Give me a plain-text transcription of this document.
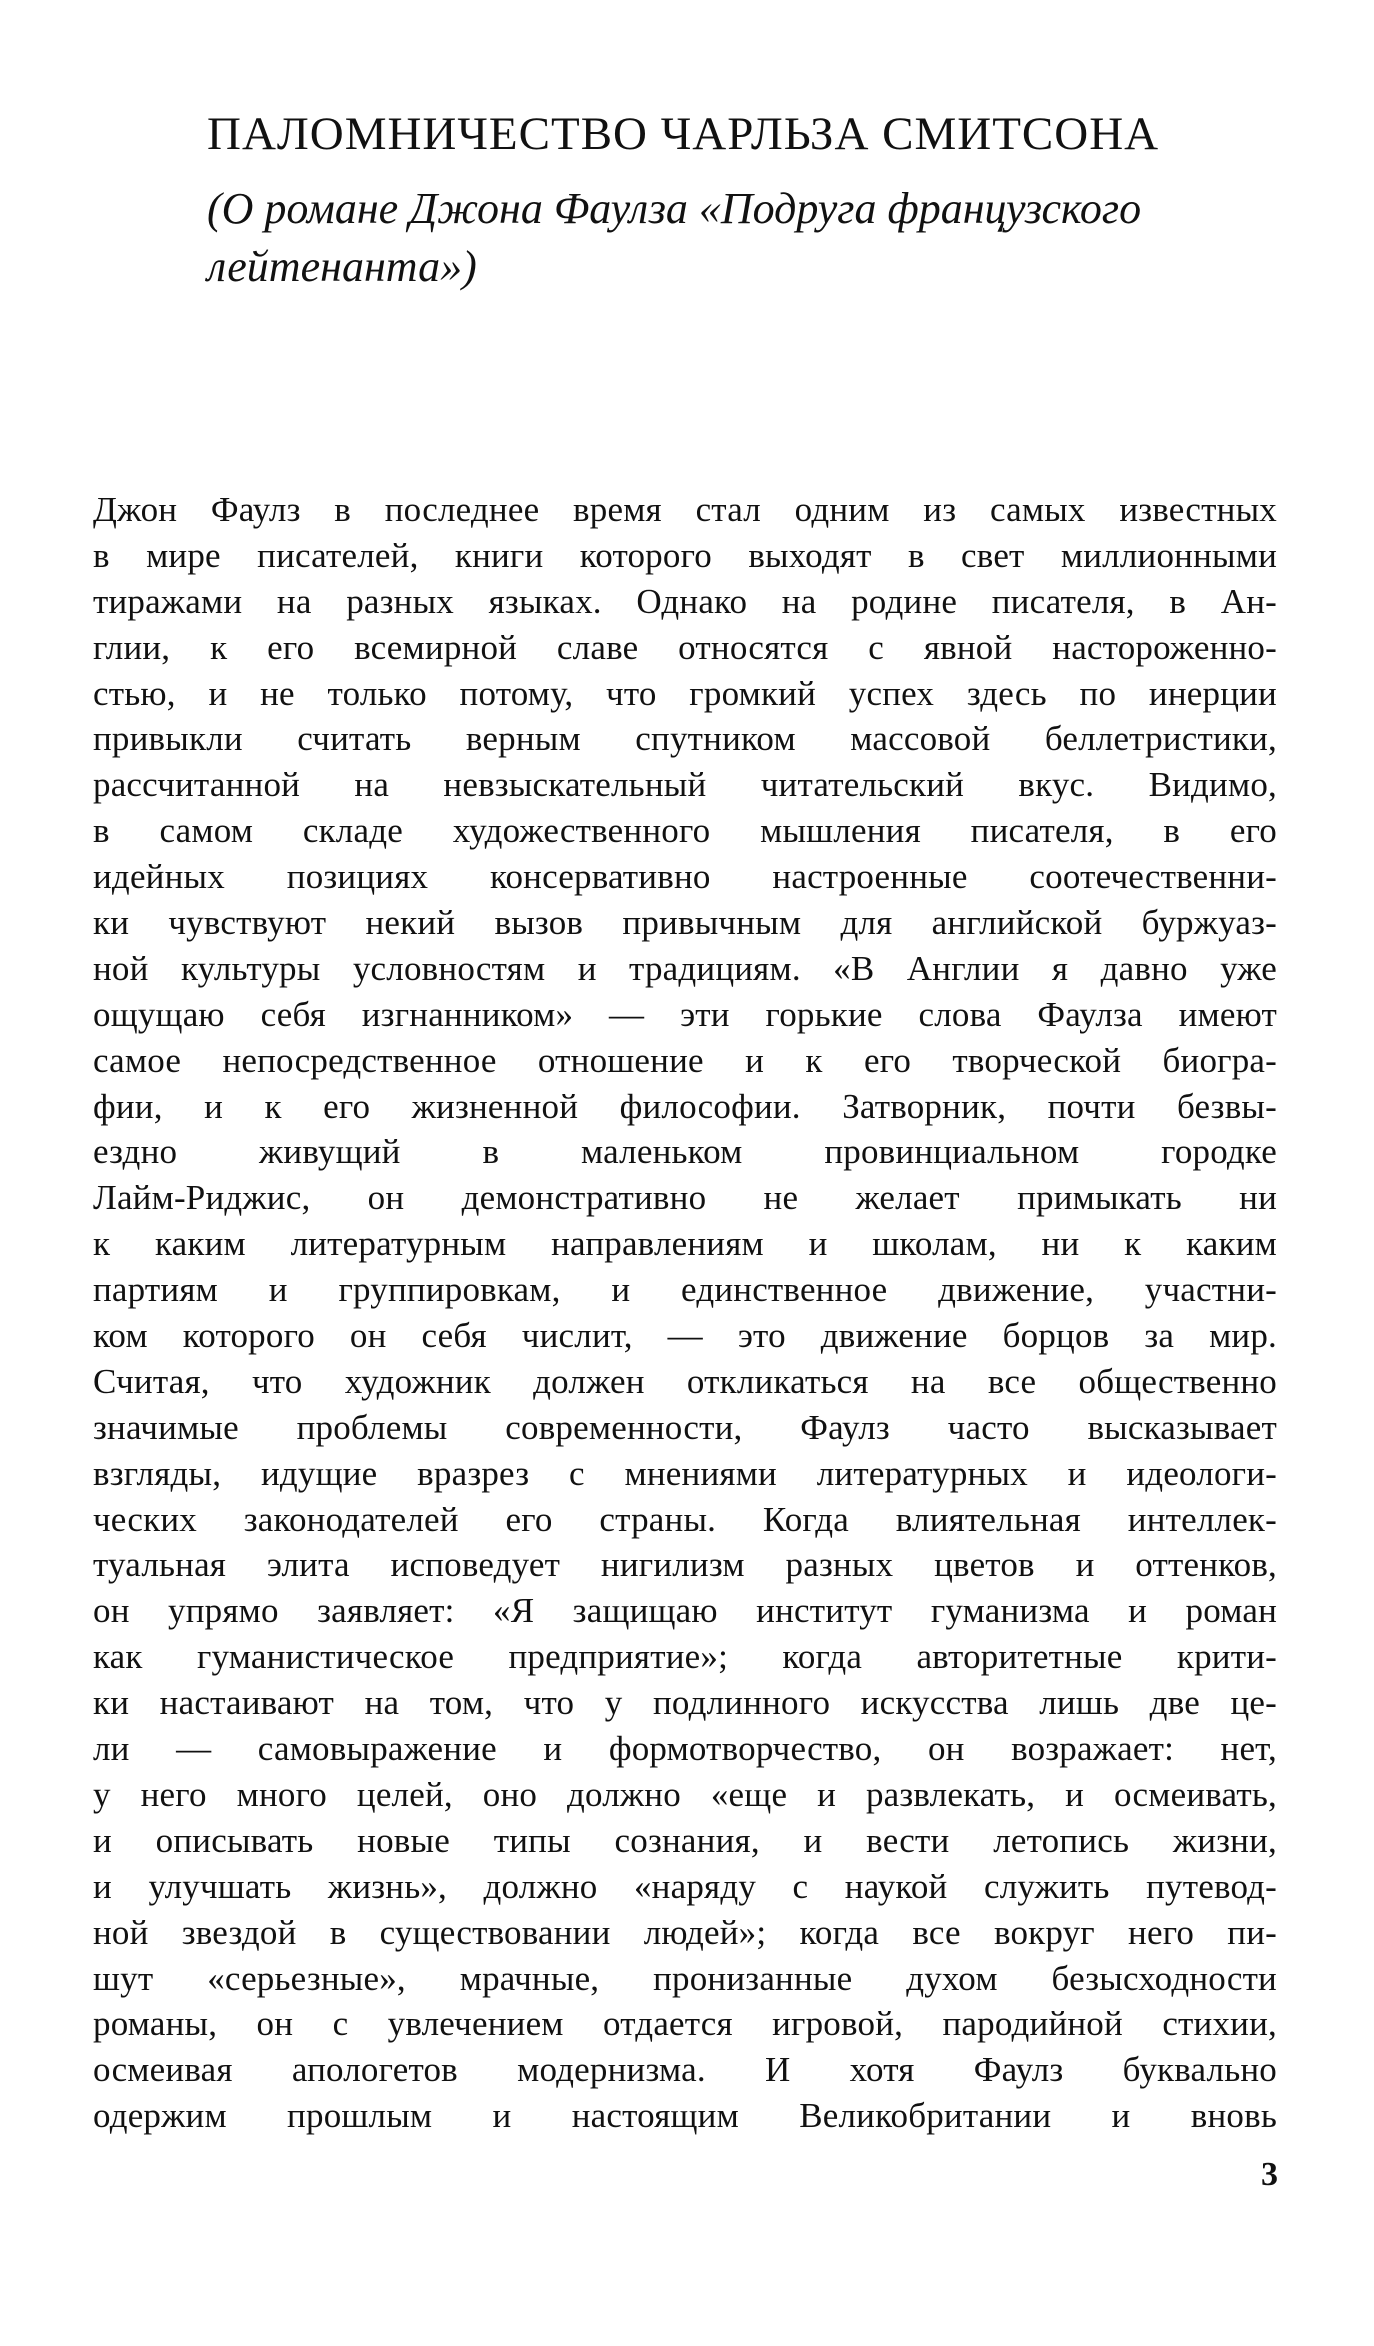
ПАЛОМНИЧЕСТВО ЧАРЛЬЗА СМИТСОНА
(О романе Джона Фаулза «Подруга французского
лейтенанта»)
Джон Фаулз в последнее время стал одним из самых известных
в мире писателей, книги которого выходят в свет миллионными
тиражами на разных языках. Однако на родине писателя, в Ан-
глии, к его всемирной славе относятся с явной настороженно-
стью, и не только потому, что громкий успех здесь по инерции
привыкли считать верным спутником массовой беллетристики,
рассчитанной на невзыскательный читательский вкус. Видимо,
в самом складе художественного мышления писателя, в его
идейных позициях консервативно настроенные соотечественни-
ки чувствуют некий вызов привычным для английской буржуаз-
ной культуры условностям и традициям. «В Англии я давно уже
ощущаю себя изгнанником» — эти горькие слова Фаулза имеют
самое непосредственное отношение и к его творческой биогра-
фии, и к его жизненной философии. Затворник, почти безвы-
ездно живущий в маленьком провинциальном городке
Лайм-Риджис, он демонстративно не желает примыкать ни
к каким литературным направлениям и школам, ни к каким
партиям и группировкам, и единственное движение, участни-
ком которого он себя числит, — это движение борцов за мир.
Считая, что художник должен откликаться на все общественно
значимые проблемы современности, Фаулз часто высказывает
взгляды, идущие вразрез с мнениями литературных и идеологи-
ческих законодателей его страны. Когда влиятельная интеллек-
туальная элита исповедует нигилизм разных цветов и оттенков,
он упрямо заявляет: «Я защищаю институт гуманизма и роман
как гуманистическое предприятие»; когда авторитетные крити-
ки настаивают на том, что у подлинного искусства лишь две це-
ли — самовыражение и формотворчество, он возражает: нет,
у него много целей, оно должно «еще и развлекать, и осмеивать,
и описывать новые типы сознания, и вести летопись жизни,
и улучшать жизнь», должно «наряду с наукой служить путевод-
ной звездой в существовании людей»; когда все вокруг него пи-
шут «серьезные», мрачные, пронизанные духом безысходности
романы, он с увлечением отдается игровой, пародийной стихии,
осмеивая апологетов модернизма. И хотя Фаулз буквально
одержим прошлым и настоящим Великобритании и вновь
3
